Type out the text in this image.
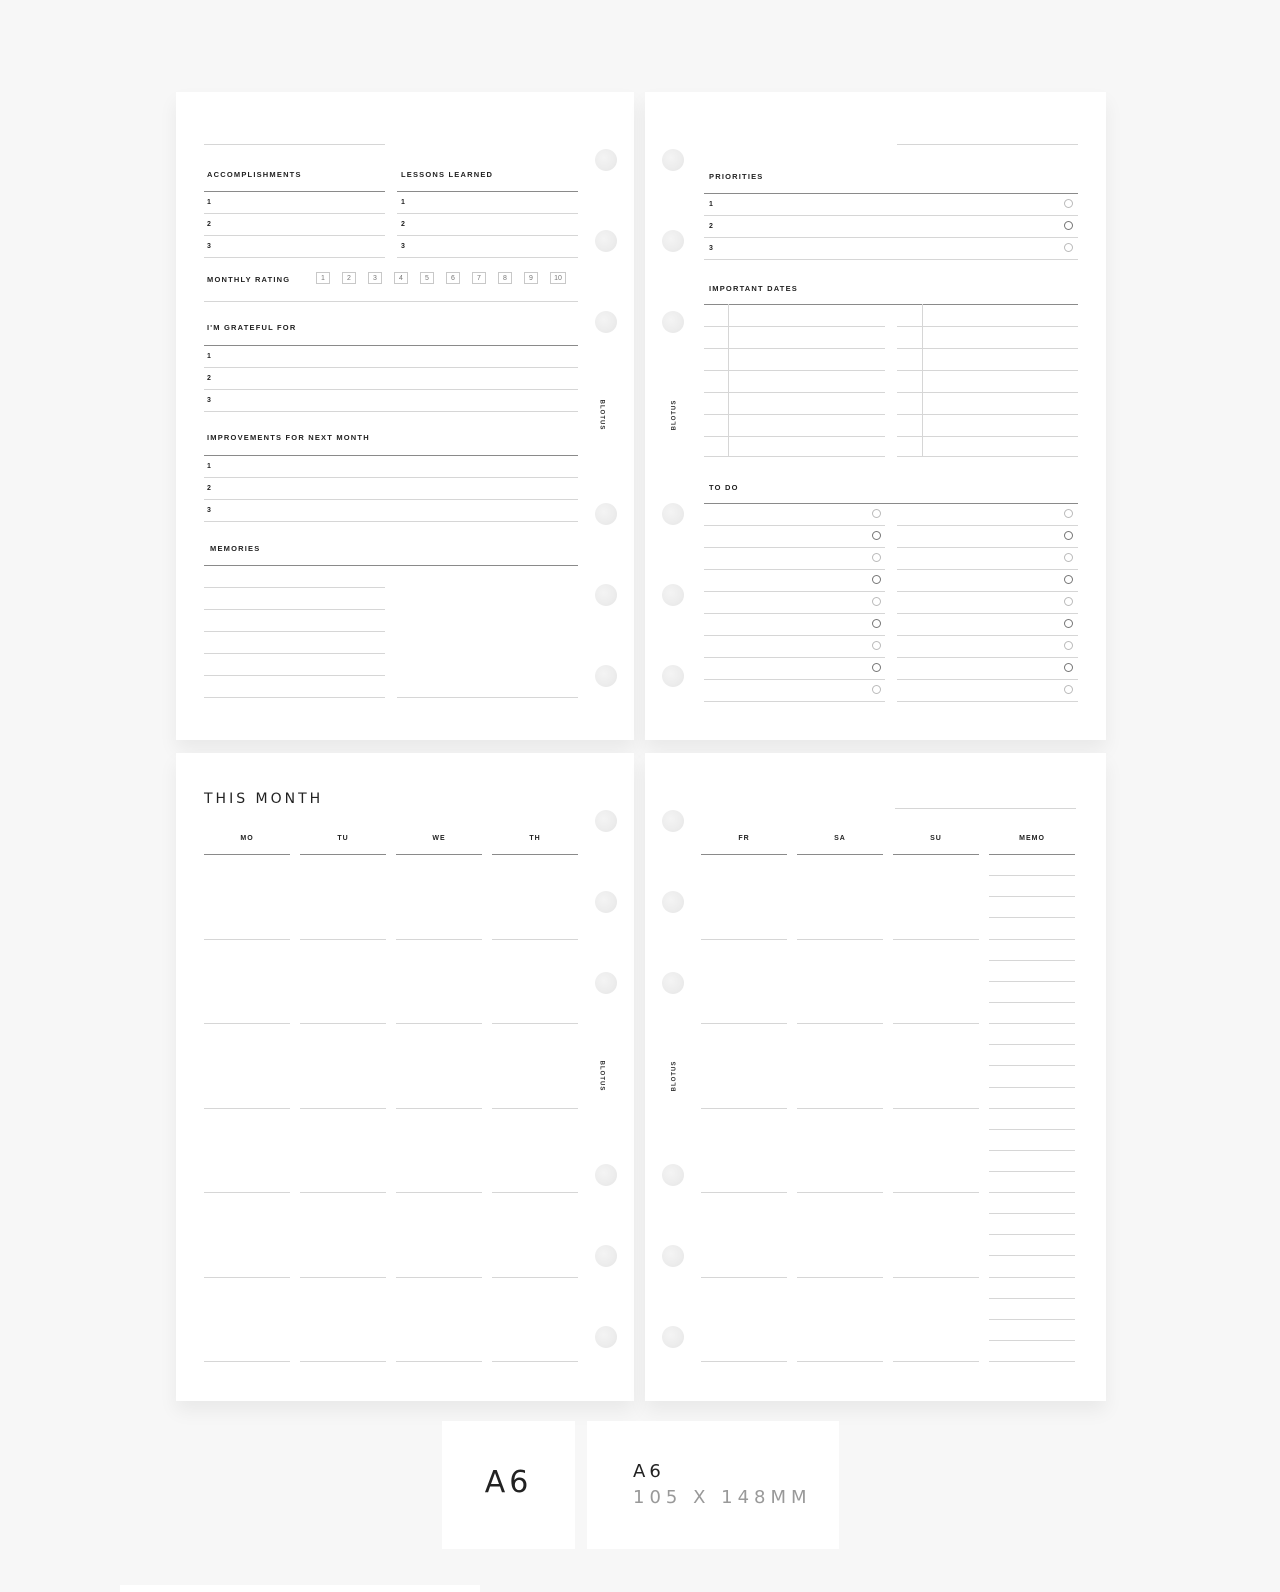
ACCOMPLISHMENTS	LESSONS LEARNED
1
2
3
1
2
3
MONTHLY RATING	1	2	3	4	5	6	7	8	9	10
I'M GRATEFUL FOR
1
2
3
IMPROVEMENTS FOR NEXT MONTH
1
2
3
MEMORIES
BLOTUS
PRIORITIES
1
2
3
IMPORTANT DATES
TO DO
BLOTUS
THIS MONTH
MO	TU	WE	TH
BLOTUS
FR	SA	SU	MEMO
BLOTUS
A6	A6
105 X 148MM
